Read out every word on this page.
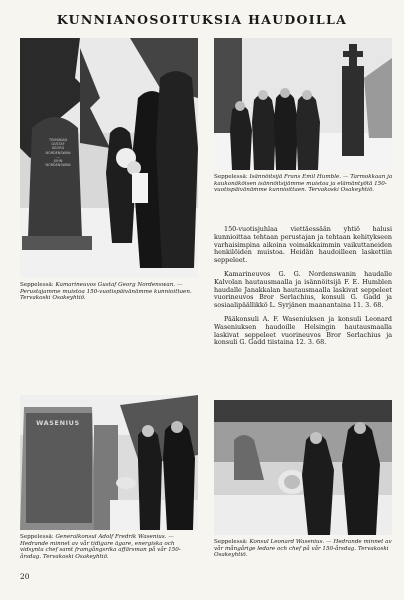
KUNNIANOSOITUKSIA HAUDOILLA
TEKNIIKAN
GUSTAF
GEORG
NORDENSWAN
—
JOHN
NORDENSWAN
Seppelessä: Kamarineuvos Gustaf Georg Nordenswan. — Perustajamme muistoa 150-vuotispäivänämme kunnioittaen. Tervakoski Osakeyhtiö.
Seppelessä: Isännöitsijä Frans Emil Humble. — Tarmokkaan ja kaukonäköisen isännöitsijämme muistoa ja elämäntyötä 150-vuotispäivänämme kunnioittaen. Tervakoski Osakeyhtiö.

150-vuotisjuhlaa viettäessään yhtiö halusi kunnioittaa tehtaan perustajan ja tehtaan kehitykseen varhaisimpina aikoina voimakkaimmin vaikuttaneiden henkilöiden muistoa. Heidän haudoilleen laskettiin seppeleet.

Kamarineuvos G. G. Nordenswanin haudalle Kalvolan hautausmaalla ja isännöitsijä F. E. Humblen haudalle Janakkalan hautausmaalla laskivat seppeleet vuorineuvos Bror Serlachius, konsuli G. Gadd ja sosiaalipäällikkö L. Syrjänen maanantaina 11. 3. 68.

Pääkonsuli A. F. Waseniuksen ja konsuli Leonard Waseniuksen haudoille Helsingin hautausmaalla laskivat seppeleet vuorineuvos Bror Serlachius ja konsuli G. Gadd tiistaina 12. 3. 68.

WASENIUS
Seppelessä: Generalkonsul Adolf Fredrik Wasenius. — Hedrande minnet av vår tidigare ägare, energiska och vidsynta chef samt framgångsrika affärsman på vår 150-årsdag. Tervakoski Osakeyhtiö.
Seppelessä: Konsul Leonard Wasenius. — Hedrande minnet av vår mångårige ledare och chef på vår 150-årsdag. Tervakoski Osakeyhtiö.
20
